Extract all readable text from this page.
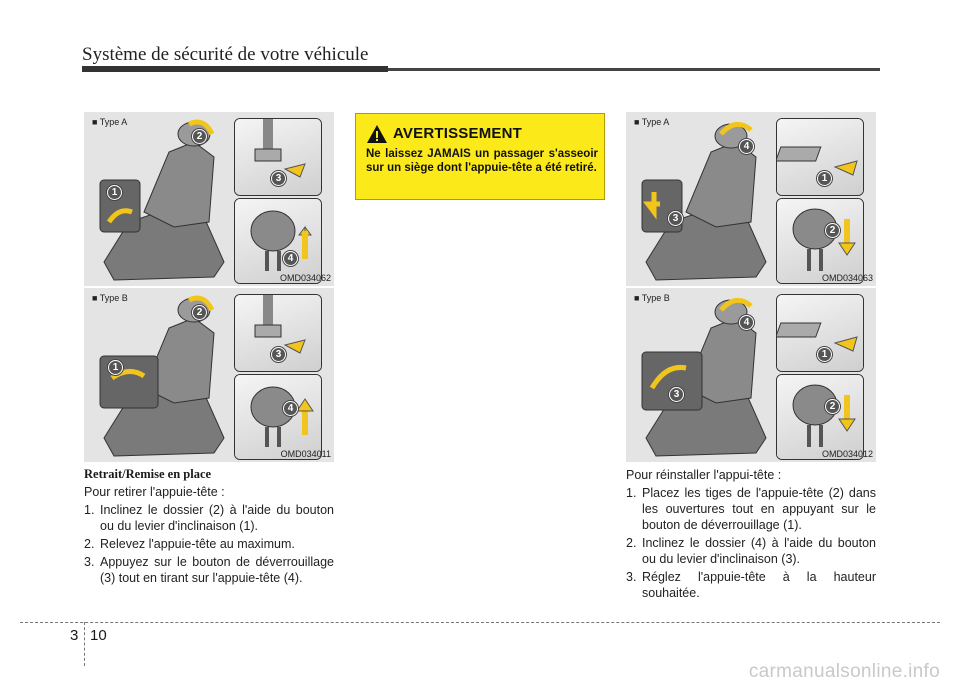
Système de sécurité de votre véhicule
■ Type A
1
2
3
4
OMD034062
■ Type B
1
2
3
4
OMD034011
AVERTISSEMENT
Ne laissez JAMAIS un passager s'asseoir sur un siège dont l'appuie-tête a été retiré.
■ Type A
3
4
1
2
OMD034063
■ Type B
3
4
1
2
OMD034012
Retrait/Remise en place
Pour retirer l'appuie-tête :
1. Inclinez le dossier (2) à l'aide du bouton ou du levier d'inclinaison (1).
2. Relevez l'appuie-tête au maximum.
3. Appuyez sur le bouton de déverrouillage (3) tout en tirant sur l'appuie-tête (4).
Pour réinstaller l'appui-tête :
1. Placez les tiges de l'appuie-tête (2) dans les ouvertures tout en appuyant sur le bouton de déverrouillage (1).
2. Inclinez le dossier (4) à l'aide du bouton ou du levier d'inclinaison (3).
3. Réglez l'appuie-tête à la hauteur souhaitée.
3 10
carmanualsonline.info
